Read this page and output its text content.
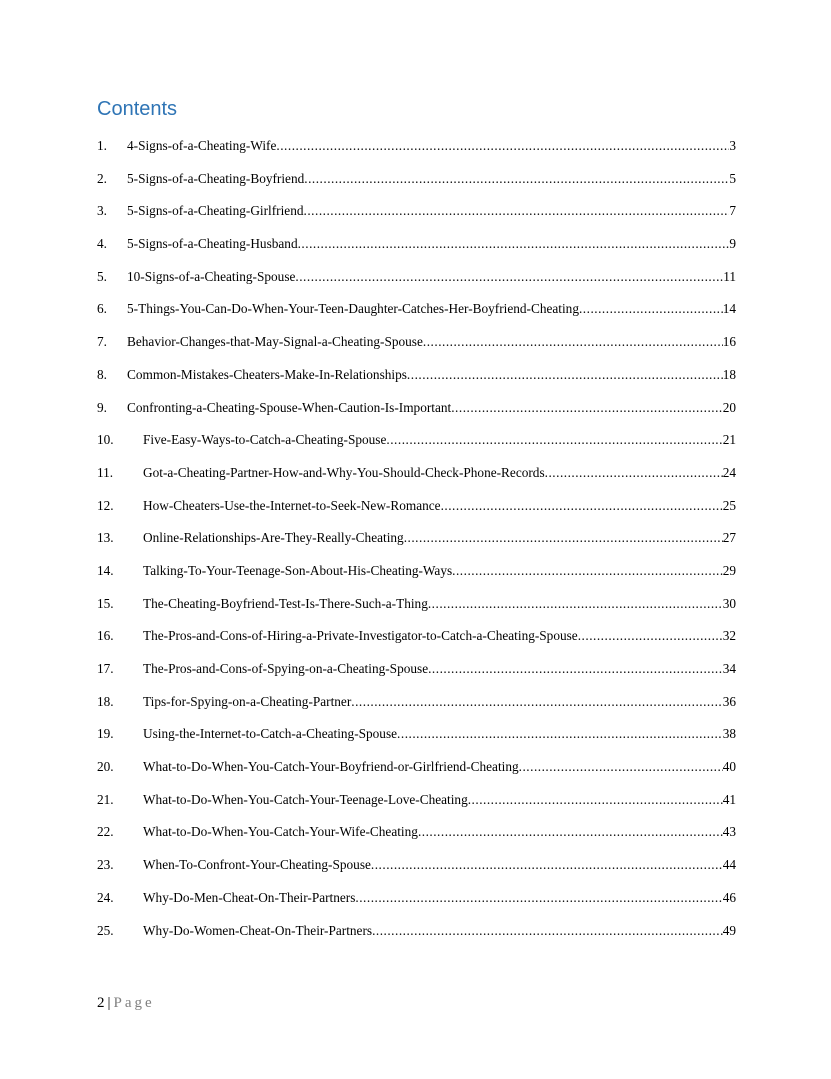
Contents
1.	4-Signs-of-a-Cheating-Wife .....	3
2.	5-Signs-of-a-Cheating-Boyfriend .....	5
3.	5-Signs-of-a-Cheating-Girlfriend .....	7
4.	5-Signs-of-a-Cheating-Husband .....	9
5.	10-Signs-of-a-Cheating-Spouse .....	11
6.	5-Things-You-Can-Do-When-Your-Teen-Daughter-Catches-Her-Boyfriend-Cheating .....	14
7.	Behavior-Changes-that-May-Signal-a-Cheating-Spouse .....	16
8.	Common-Mistakes-Cheaters-Make-In-Relationships .....	18
9.	Confronting-a-Cheating-Spouse-When-Caution-Is-Important .....	20
10.	Five-Easy-Ways-to-Catch-a-Cheating-Spouse .....	21
11.	Got-a-Cheating-Partner-How-and-Why-You-Should-Check-Phone-Records .....	24
12.	How-Cheaters-Use-the-Internet-to-Seek-New-Romance .....	25
13.	Online-Relationships-Are-They-Really-Cheating .....	27
14.	Talking-To-Your-Teenage-Son-About-His-Cheating-Ways .....	29
15.	The-Cheating-Boyfriend-Test-Is-There-Such-a-Thing .....	30
16.	The-Pros-and-Cons-of-Hiring-a-Private-Investigator-to-Catch-a-Cheating-Spouse .....	32
17.	The-Pros-and-Cons-of-Spying-on-a-Cheating-Spouse .....	34
18.	Tips-for-Spying-on-a-Cheating-Partner .....	36
19.	Using-the-Internet-to-Catch-a-Cheating-Spouse .....	38
20.	What-to-Do-When-You-Catch-Your-Boyfriend-or-Girlfriend-Cheating .....	40
21.	What-to-Do-When-You-Catch-Your-Teenage-Love-Cheating .....	41
22.	What-to-Do-When-You-Catch-Your-Wife-Cheating .....	43
23.	When-To-Confront-Your-Cheating-Spouse .....	44
24.	Why-Do-Men-Cheat-On-Their-Partners .....	46
25.	Why-Do-Women-Cheat-On-Their-Partners .....	49
2 | Page
